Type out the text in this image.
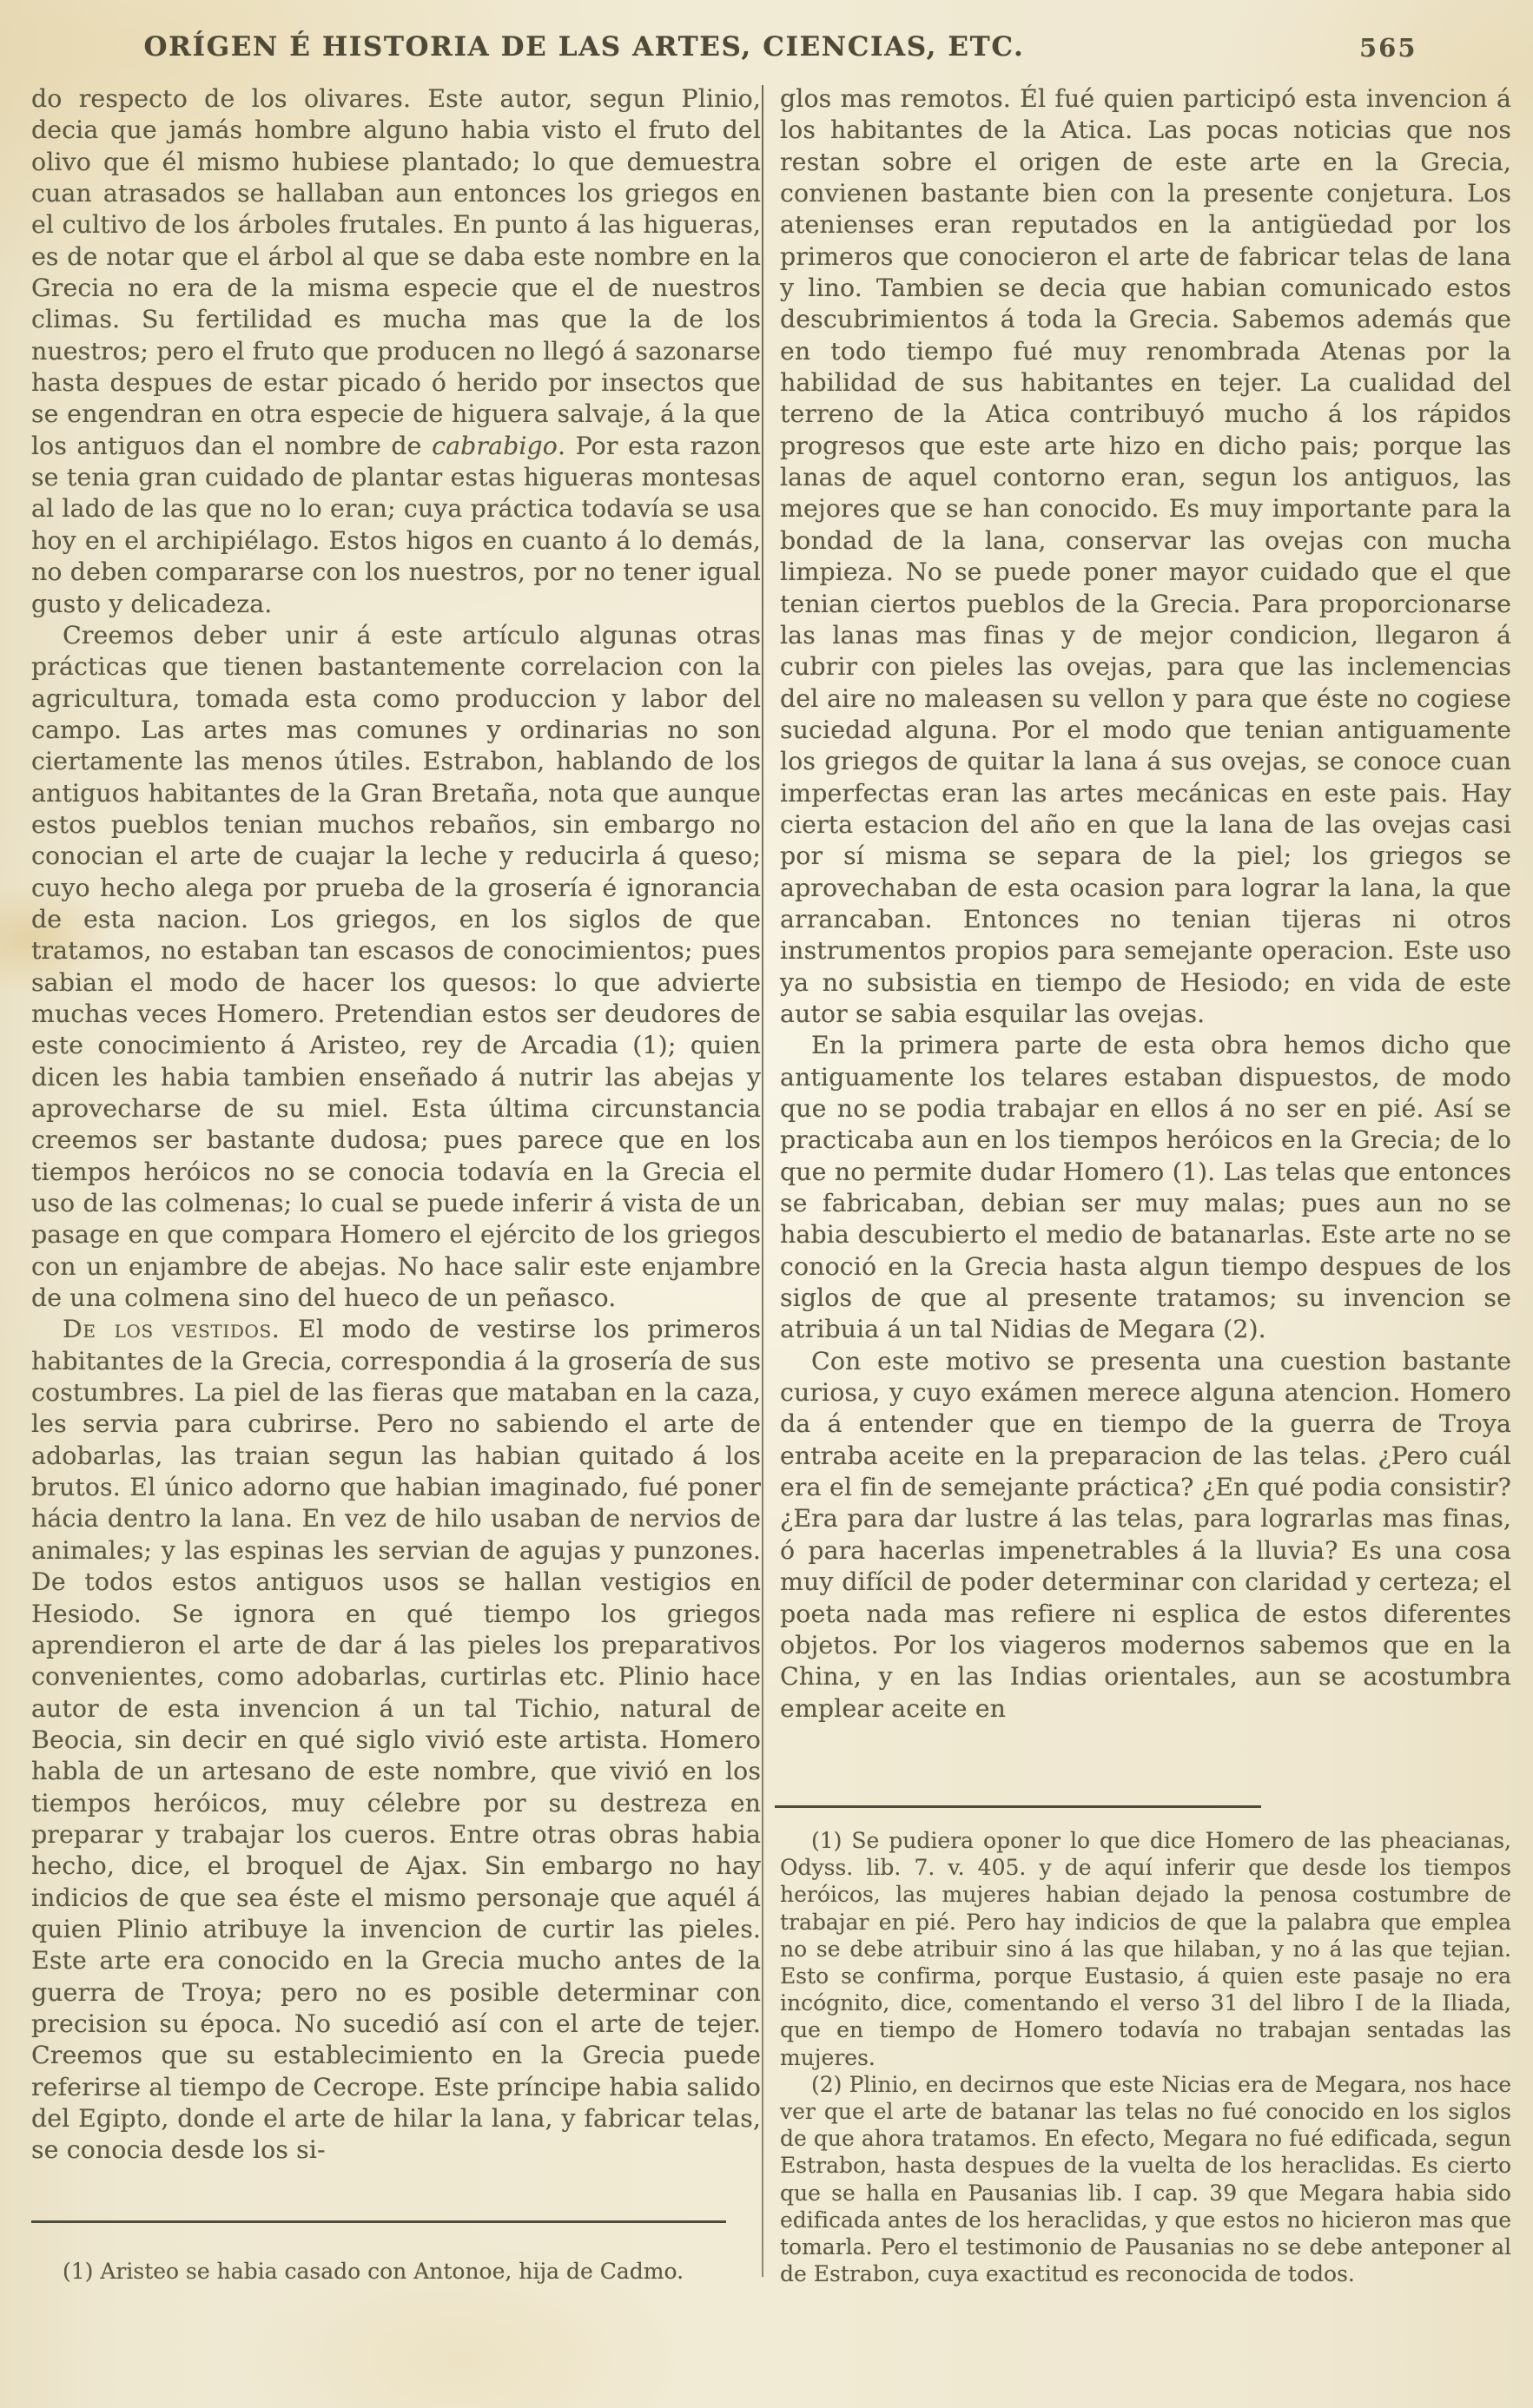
ORÍGEN É HISTORIA DE LAS ARTES, CIENCIAS, ETC.	565

do respecto de los olivares. Este autor, segun Plinio, decia que jamás hombre alguno habia visto el fruto del olivo que él mismo hubiese plantado; lo que demuestra cuan atrasados se hallaban aun entonces los griegos en el cultivo de los árboles frutales. En punto á las higueras, es de notar que el árbol al que se daba este nombre en la Grecia no era de la misma especie que el de nuestros climas. Su fertilidad es mucha mas que la de los nuestros; pero el fruto que producen no llegó á sazonarse hasta despues de estar picado ó herido por insectos que se engendran en otra especie de higuera salvaje, á la que los antiguos dan el nombre de cabrabigo. Por esta razon se tenia gran cuidado de plantar estas higueras montesas al lado de las que no lo eran; cuya práctica todavía se usa hoy en el archipiélago. Estos higos en cuanto á lo demás, no deben compararse con los nuestros, por no tener igual gusto y delicadeza.

Creemos deber unir á este artículo algunas otras prácticas que tienen bastantemente correlacion con la agricultura, tomada esta como produccion y labor del campo. Las artes mas comunes y ordinarias no son ciertamente las menos útiles. Estrabon, hablando de los antiguos habitantes de la Gran Bretaña, nota que aunque estos pueblos tenian muchos rebaños, sin embargo no conocian el arte de cuajar la leche y reducirla á queso; cuyo hecho alega por prueba de la grosería é ignorancia de esta nacion. Los griegos, en los siglos de que tratamos, no estaban tan escasos de conocimientos; pues sabian el modo de hacer los quesos: lo que advierte muchas veces Homero. Pretendian estos ser deudores de este conocimiento á Aristeo, rey de Arcadia (1); quien dicen les habia tambien enseñado á nutrir las abejas y aprovecharse de su miel. Esta última circunstancia creemos ser bastante dudosa; pues parece que en los tiempos heróicos no se conocia todavía en la Grecia el uso de las colmenas; lo cual se puede inferir á vista de un pasage en que compara Homero el ejército de los griegos con un enjambre de abejas. No hace salir este enjambre de una colmena sino del hueco de un peñasco.

De los vestidos. El modo de vestirse los primeros habitantes de la Grecia, correspondia á la grosería de sus costumbres. La piel de las fieras que mataban en la caza, les servia para cubrirse. Pero no sabiendo el arte de adobarlas, las traian segun las habian quitado á los brutos. El único adorno que habian imaginado, fué poner hácia dentro la lana. En vez de hilo usaban de nervios de animales; y las espinas les servian de agujas y punzones. De todos estos antiguos usos se hallan vestigios en Hesiodo. Se ignora en qué tiempo los griegos aprendieron el arte de dar á las pieles los preparativos convenientes, como adobarlas, curtirlas etc. Plinio hace autor de esta invencion á un tal Tichio, natural de Beocia, sin decir en qué siglo vivió este artista. Homero habla de un artesano de este nombre, que vivió en los tiempos heróicos, muy célebre por su destreza en preparar y trabajar los cueros. Entre otras obras habia hecho, dice, el broquel de Ajax. Sin embargo no hay indicios de que sea éste el mismo personaje que aquél á quien Plinio atribuye la invencion de curtir las pieles. Este arte era conocido en la Grecia mucho antes de la guerra de Troya; pero no es posible determinar con precision su época. No sucedió así con el arte de tejer. Creemos que su establecimiento en la Grecia puede referirse al tiempo de Cecrope. Este príncipe habia salido del Egipto, donde el arte de hilar la lana, y fabricar telas, se conocia desde los si-

(1) Aristeo se habia casado con Antonoe, hija de Cadmo.

glos mas remotos. Él fué quien participó esta invencion á los habitantes de la Atica. Las pocas noticias que nos restan sobre el origen de este arte en la Grecia, convienen bastante bien con la presente conjetura. Los atenienses eran reputados en la antigüedad por los primeros que conocieron el arte de fabricar telas de lana y lino. Tambien se decia que habian comunicado estos descubrimientos á toda la Grecia. Sabemos además que en todo tiempo fué muy renombrada Atenas por la habilidad de sus habitantes en tejer. La cualidad del terreno de la Atica contribuyó mucho á los rápidos progresos que este arte hizo en dicho pais; porque las lanas de aquel contorno eran, segun los antiguos, las mejores que se han conocido. Es muy importante para la bondad de la lana, conservar las ovejas con mucha limpieza. No se puede poner mayor cuidado que el que tenian ciertos pueblos de la Grecia. Para proporcionarse las lanas mas finas y de mejor condicion, llegaron á cubrir con pieles las ovejas, para que las inclemencias del aire no maleasen su vellon y para que éste no cogiese suciedad alguna. Por el modo que tenian antiguamente los griegos de quitar la lana á sus ovejas, se conoce cuan imperfectas eran las artes mecánicas en este pais. Hay cierta estacion del año en que la lana de las ovejas casi por sí misma se separa de la piel; los griegos se aprovechaban de esta ocasion para lograr la lana, la que arrancaban. Entonces no tenian tijeras ni otros instrumentos propios para semejante operacion. Este uso ya no subsistia en tiempo de Hesiodo; en vida de este autor se sabia esquilar las ovejas.

En la primera parte de esta obra hemos dicho que antiguamente los telares estaban dispuestos, de modo que no se podia trabajar en ellos á no ser en pié. Así se practicaba aun en los tiempos heróicos en la Grecia; de lo que no permite dudar Homero (1). Las telas que entonces se fabricaban, debian ser muy malas; pues aun no se habia descubierto el medio de batanarlas. Este arte no se conoció en la Grecia hasta algun tiempo despues de los siglos de que al presente tratamos; su invencion se atribuia á un tal Nidias de Megara (2).

Con este motivo se presenta una cuestion bastante curiosa, y cuyo exámen merece alguna atencion. Homero da á entender que en tiempo de la guerra de Troya entraba aceite en la preparacion de las telas. ¿Pero cuál era el fin de semejante práctica? ¿En qué podia consistir? ¿Era para dar lustre á las telas, para lograrlas mas finas, ó para hacerlas impenetrables á la lluvia? Es una cosa muy difícil de poder determinar con claridad y certeza; el poeta nada mas refiere ni esplica de estos diferentes objetos. Por los viageros modernos sabemos que en la China, y en las Indias orientales, aun se acostumbra emplear aceite en

(1) Se pudiera oponer lo que dice Homero de las pheacianas, Odyss. lib. 7. v. 405. y de aquí inferir que desde los tiempos heróicos, las mujeres habian dejado la penosa costumbre de trabajar en pié. Pero hay indicios de que la palabra que emplea no se debe atribuir sino á las que hilaban, y no á las que tejian. Esto se confirma, porque Eustasio, á quien este pasaje no era incógnito, dice, comentando el verso 31 del libro I de la Iliada, que en tiempo de Homero todavía no trabajan sentadas las mujeres.

(2) Plinio, en decirnos que este Nicias era de Megara, nos hace ver que el arte de batanar las telas no fué conocido en los siglos de que ahora tratamos. En efecto, Megara no fué edificada, segun Estrabon, hasta despues de la vuelta de los heraclidas. Es cierto que se halla en Pausanias lib. I cap. 39 que Megara habia sido edificada antes de los heraclidas, y que estos no hicieron mas que tomarla. Pero el testimonio de Pausanias no se debe anteponer al de Estrabon, cuya exactitud es reconocida de todos.
